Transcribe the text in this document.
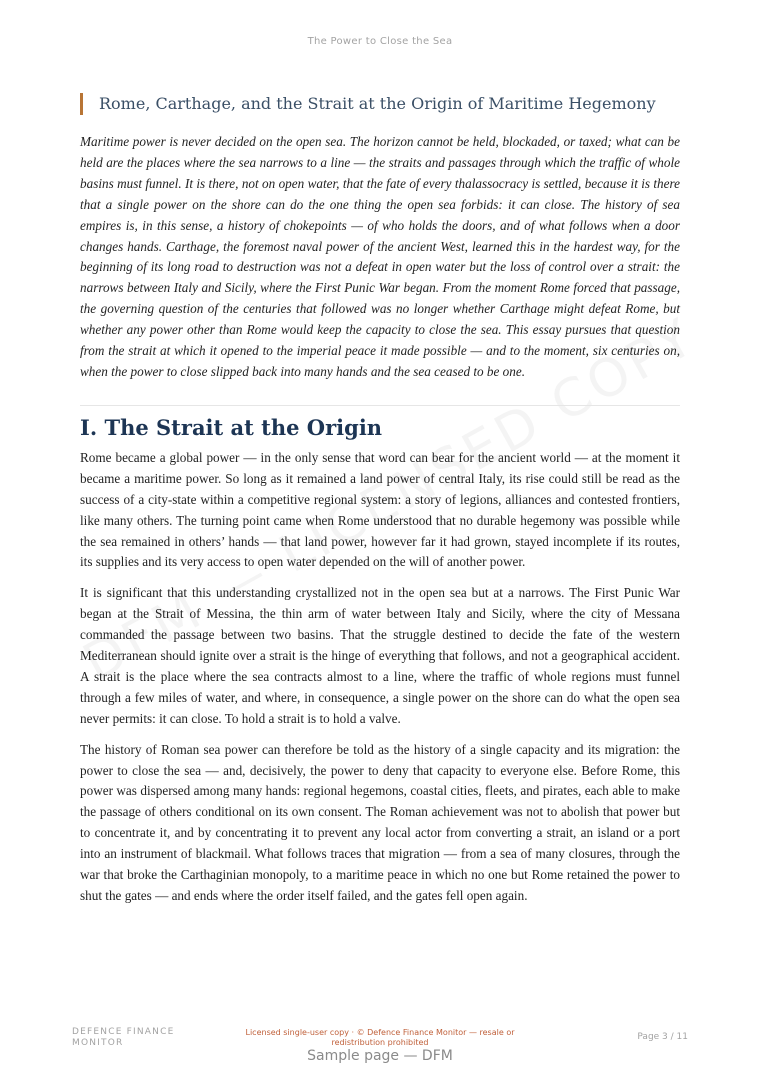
The Power to Close the Sea
Rome, Carthage, and the Strait at the Origin of Maritime Hegemony

Maritime power is never decided on the open sea. The horizon cannot be held, blockaded, or taxed; what can be held are the places where the sea narrows to a line — the straits and passages through which the traffic of whole basins must funnel. It is there, not on open water, that the fate of every thalassocracy is settled, because it is there that a single power on the shore can do the one thing the open sea forbids: it can close. The history of sea empires is, in this sense, a history of chokepoints — of who holds the doors, and of what follows when a door changes hands. Carthage, the foremost naval power of the ancient West, learned this in the hardest way, for the beginning of its long road to destruction was not a defeat in open water but the loss of control over a strait: the narrows between Italy and Sicily, where the First Punic War began. From the moment Rome forced that passage, the governing question of the centuries that followed was no longer whether Carthage might defeat Rome, but whether any power other than Rome would keep the capacity to close the sea. This essay pursues that question from the strait at which it opened to the imperial peace it made possible — and to the moment, six centuries on, when the power to close slipped back into many hands and the sea ceased to be one.

I. The Strait at the Origin

Rome became a global power — in the only sense that word can bear for the ancient world — at the moment it became a maritime power. So long as it remained a land power of central Italy, its rise could still be read as the success of a city-state within a competitive regional system: a story of legions, alliances and contested frontiers, like many others. The turning point came when Rome understood that no durable hegemony was possible while the sea remained in others’ hands — that land power, however far it had grown, stayed incomplete if its routes, its supplies and its very access to open water depended on the will of another power.

It is significant that this understanding crystallized not in the open sea but at a narrows. The First Punic War began at the Strait of Messina, the thin arm of water between Italy and Sicily, where the city of Messana commanded the passage between two basins. That the struggle destined to decide the fate of the western Mediterranean should ignite over a strait is the hinge of everything that follows, and not a geographical accident. A strait is the place where the sea contracts almost to a line, where the traffic of whole regions must funnel through a few miles of water, and where, in consequence, a single power on the shore can do what the open sea never permits: it can close. To hold a strait is to hold a valve.

The history of Roman sea power can therefore be told as the history of a single capacity and its migration: the power to close the sea — and, decisively, the power to deny that capacity to everyone else. Before Rome, this power was dispersed among many hands: regional hegemons, coastal cities, fleets, and pirates, each able to make the passage of others conditional on its own consent. The Roman achievement was not to abolish that power but to concentrate it, and by concentrating it to prevent any local actor from converting a strait, an island or a port into an instrument of blackmail. What follows traces that migration — from a sea of many closures, through the war that broke the Carthaginian monopoly, to a maritime peace in which no one but Rome retained the power to shut the gates — and ends where the order itself failed, and the gates fell open again.

DEFENCE FINANCE
MONITOR
Licensed single-user copy · © Defence Finance Monitor — resale or redistribution prohibited
Page 3 / 11
Sample page — DFM
